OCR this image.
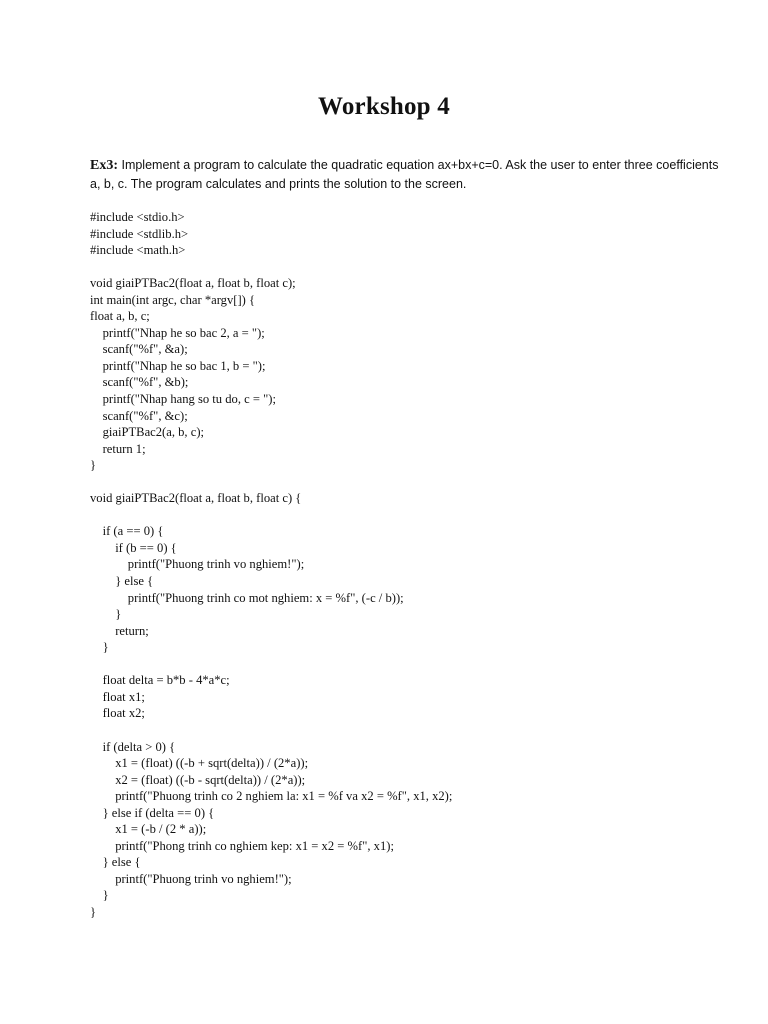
Workshop 4

Ex3: Implement a program to calculate the quadratic equation ax+bx+c=0. Ask the user to enter three coefficients a, b, c. The program calculates and prints the solution to the screen.

#include <stdio.h>
#include <stdlib.h>
#include <math.h>
void giaiPTBac2(float a, float b, float c);
int main(int argc, char *argv[]) {
float a, b, c;
printf("Nhap he so bac 2, a = ");
scanf("%f", &a);
printf("Nhap he so bac 1, b = ");
scanf("%f", &b);
printf("Nhap hang so tu do, c = ");
scanf("%f", &c);
giaiPTBac2(a, b, c);
return 1;
}
void giaiPTBac2(float a, float b, float c) {
if (a == 0) {
if (b == 0) {
printf("Phuong trinh vo nghiem!");
} else {
printf("Phuong trinh co mot nghiem: x = %f", (-c / b));
}
return;
}
float delta = b*b - 4*a*c;
float x1;
float x2;
if (delta > 0) {
x1 = (float) ((-b + sqrt(delta)) / (2*a));
x2 = (float) ((-b - sqrt(delta)) / (2*a));
printf("Phuong trinh co 2 nghiem la: x1 = %f va x2 = %f", x1, x2);
} else if (delta == 0) {
x1 = (-b / (2 * a));
printf("Phong trinh co nghiem kep: x1 = x2 = %f", x1);
} else {
printf("Phuong trinh vo nghiem!");
}
}
